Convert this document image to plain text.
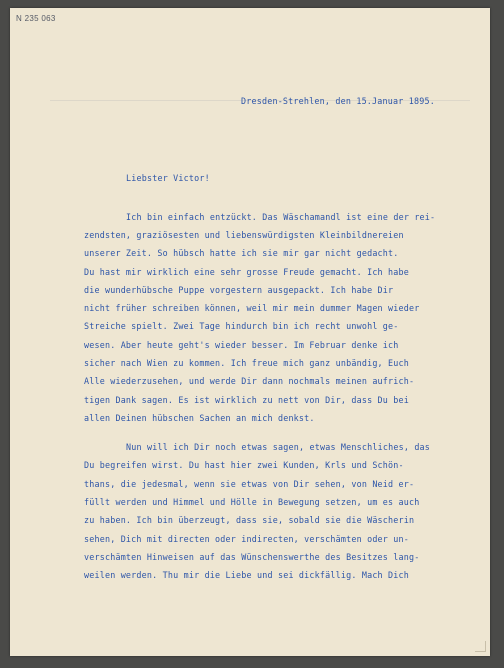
N 235 063
Dresden-Strehlen, den 15.Januar 1895.
Liebster Victor!
Ich bin einfach entzückt. Das Wäschamandl ist eine der rei-
zendsten, graziösesten und liebenswürdigsten Kleinbildnereien
unserer Zeit. So hübsch hatte ich sie mir gar nicht gedacht.
Du hast mir wirklich eine sehr grosse Freude gemacht. Ich habe
die wunderhübsche Puppe vorgestern ausgepackt. Ich habe Dir
nicht früher schreiben können, weil mir mein dummer Magen wieder
Streiche spielt. Zwei Tage hindurch bin ich recht unwohl ge-
wesen. Aber heute geht's wieder besser. Im Februar denke ich
sicher nach Wien zu kommen. Ich freue mich ganz unbändig, Euch
Alle wiederzusehen, und werde Dir dann nochmals meinen aufrich-
tigen Dank sagen. Es ist wirklich zu nett von Dir, dass Du bei
allen Deinen hübschen Sachen an mich denkst.
Nun will ich Dir noch etwas sagen, etwas Menschliches, das
Du begreifen wirst. Du hast hier zwei Kunden, Krls und Schön-
thans, die jedesmal, wenn sie etwas von Dir sehen, von Neid er-
füllt werden und Himmel und Hölle in Bewegung setzen, um es auch
zu haben. Ich bin überzeugt, dass sie, sobald sie die Wäscherin
sehen, Dich mit directen oder indirecten, verschämten oder un-
verschämten Hinweisen auf das Wünschenswerthe des Besitzes lang-
weilen werden. Thu mir die Liebe und sei dickfällig. Mach Dich
